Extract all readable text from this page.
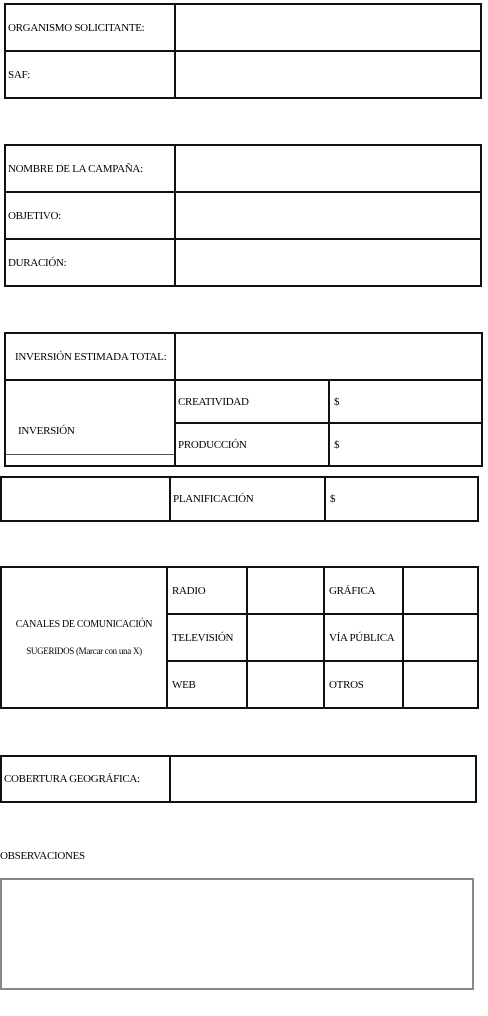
ORGANISMO SOLICITANTE:	
SAF:	
NOMBRE DE LA CAMPAÑA:	
OBJETIVO:	
DURACIÓN:	
INVERSIÓN ESTIMADA TOTAL:		

INVERSIÓN	CREATIVIDAD	$
	PRODUCCIÓN	$
	PLANIFICACIÓN	$
CANALES DE COMUNICACIÓN
SUGERIDOS (Marcar con una X)	RADIO		GRÁFICA	
	TELEVISIÓN		VÍA PÚBLICA	
	WEB		OTROS	
COBERTURA GEOGRÁFICA:	
OBSERVACIONES
